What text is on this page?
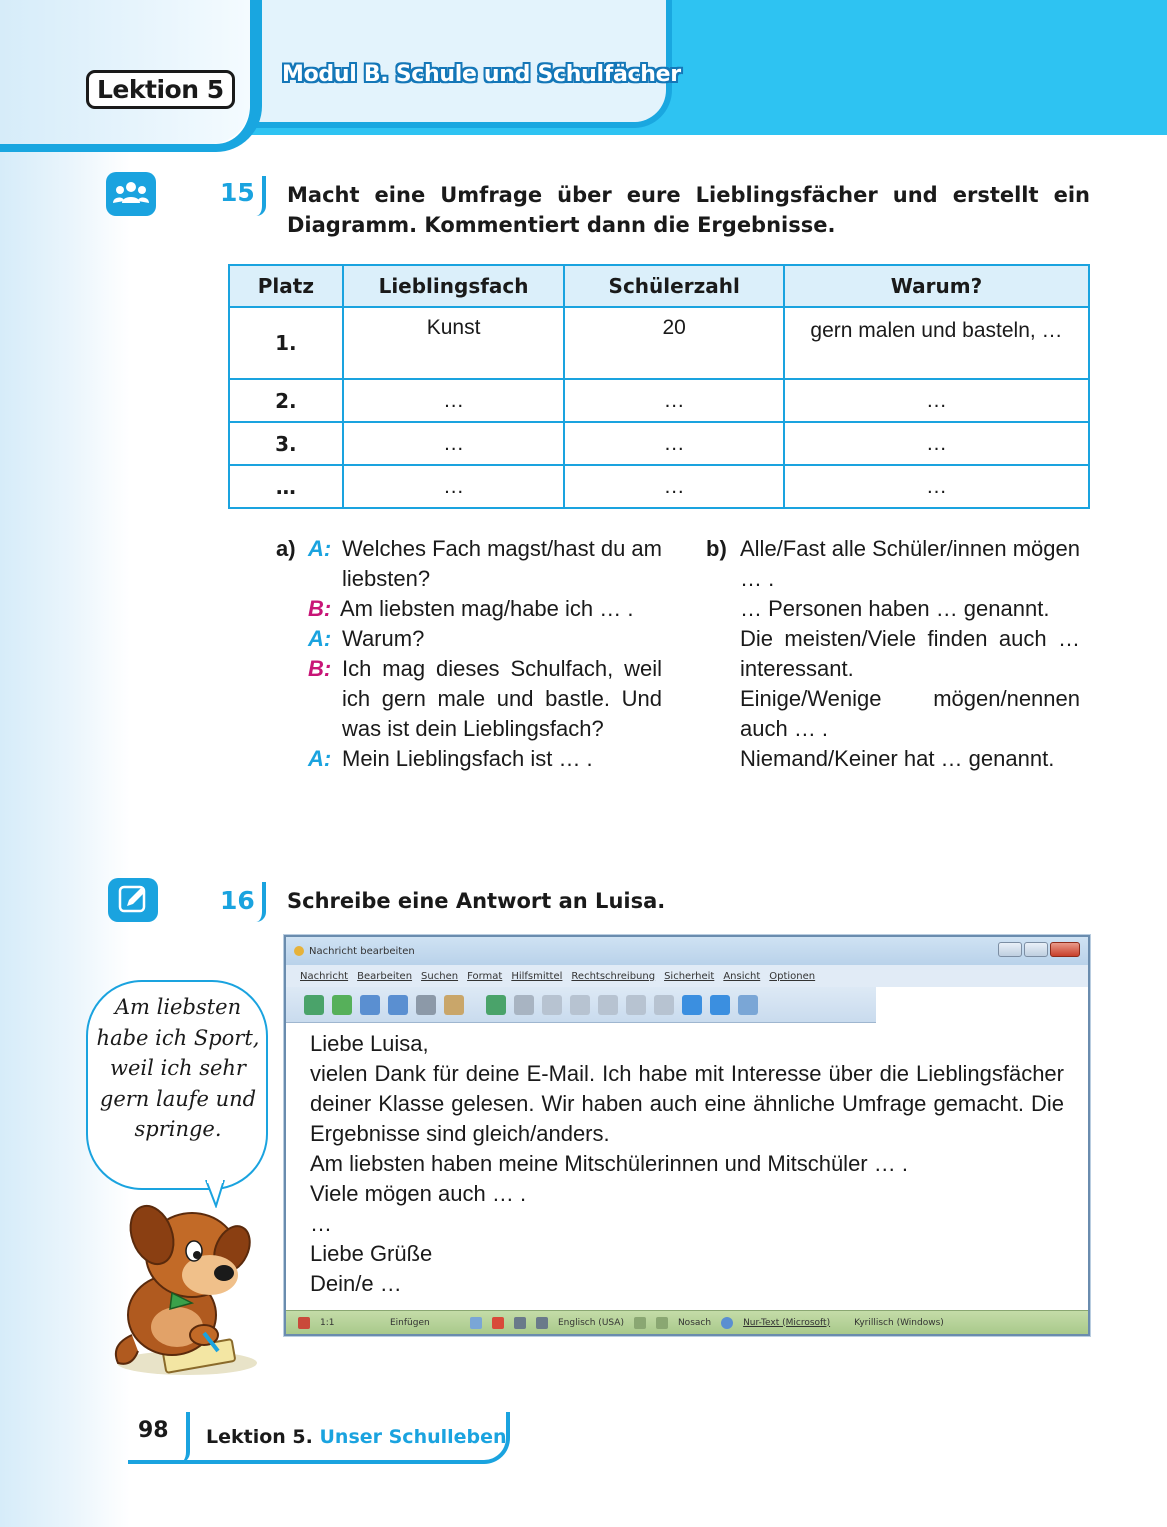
Lektion 5
Modul B. Schule und Schulfächer
15 Macht eine Umfrage über eure Lieblingsfächer und erstellt ein Diagramm. Kommentiert dann die Ergebnisse.
Platz	Lieblingsfach	Schülerzahl	Warum?
1.	Kunst	20	gern malen und basteln, …
2.	…	…	…
3.	…	…	…
…	…	…	…
a) A: Welches Fach magst/hast du am liebsten?
B: Am liebsten mag/habe ich … .
A: Warum?
B: Ich mag dieses Schulfach, weil ich gern male und bastle. Und was ist dein Lieblingsfach?
A: Mein Lieblingsfach ist … .
b) Alle/Fast alle Schüler/innen mögen … .
… Personen haben … genannt.
Die meisten/Viele finden auch … interessant.
Einige/Wenige mögen/nennen auch … .
Niemand/Keiner hat … genannt.
16 Schreibe eine Antwort an Luisa.
Am liebsten habe ich Sport, weil ich sehr gern laufe und springe.
Nachricht bearbeiten
Nachricht Bearbeiten Suchen Format Hilfsmittel Rechtschreibung Sicherheit Ansicht Optionen
Liebe Luisa,
vielen Dank für deine E-Mail. Ich habe mit Interesse über die Lieblingsfächer deiner Klasse gelesen. Wir haben auch eine ähnliche Umfrage gemacht. Die Ergebnisse sind gleich/anders.
Am liebsten haben meine Mitschülerinnen und Mitschüler … .
Viele mögen auch … .
…
Liebe Grüße
Dein/e …
1:1	Einfügen	Englisch (USA)	Nosach	Nur-Text (Microsoft)	Kyrillisch (Windows)
98 Lektion 5. Unser Schulleben
